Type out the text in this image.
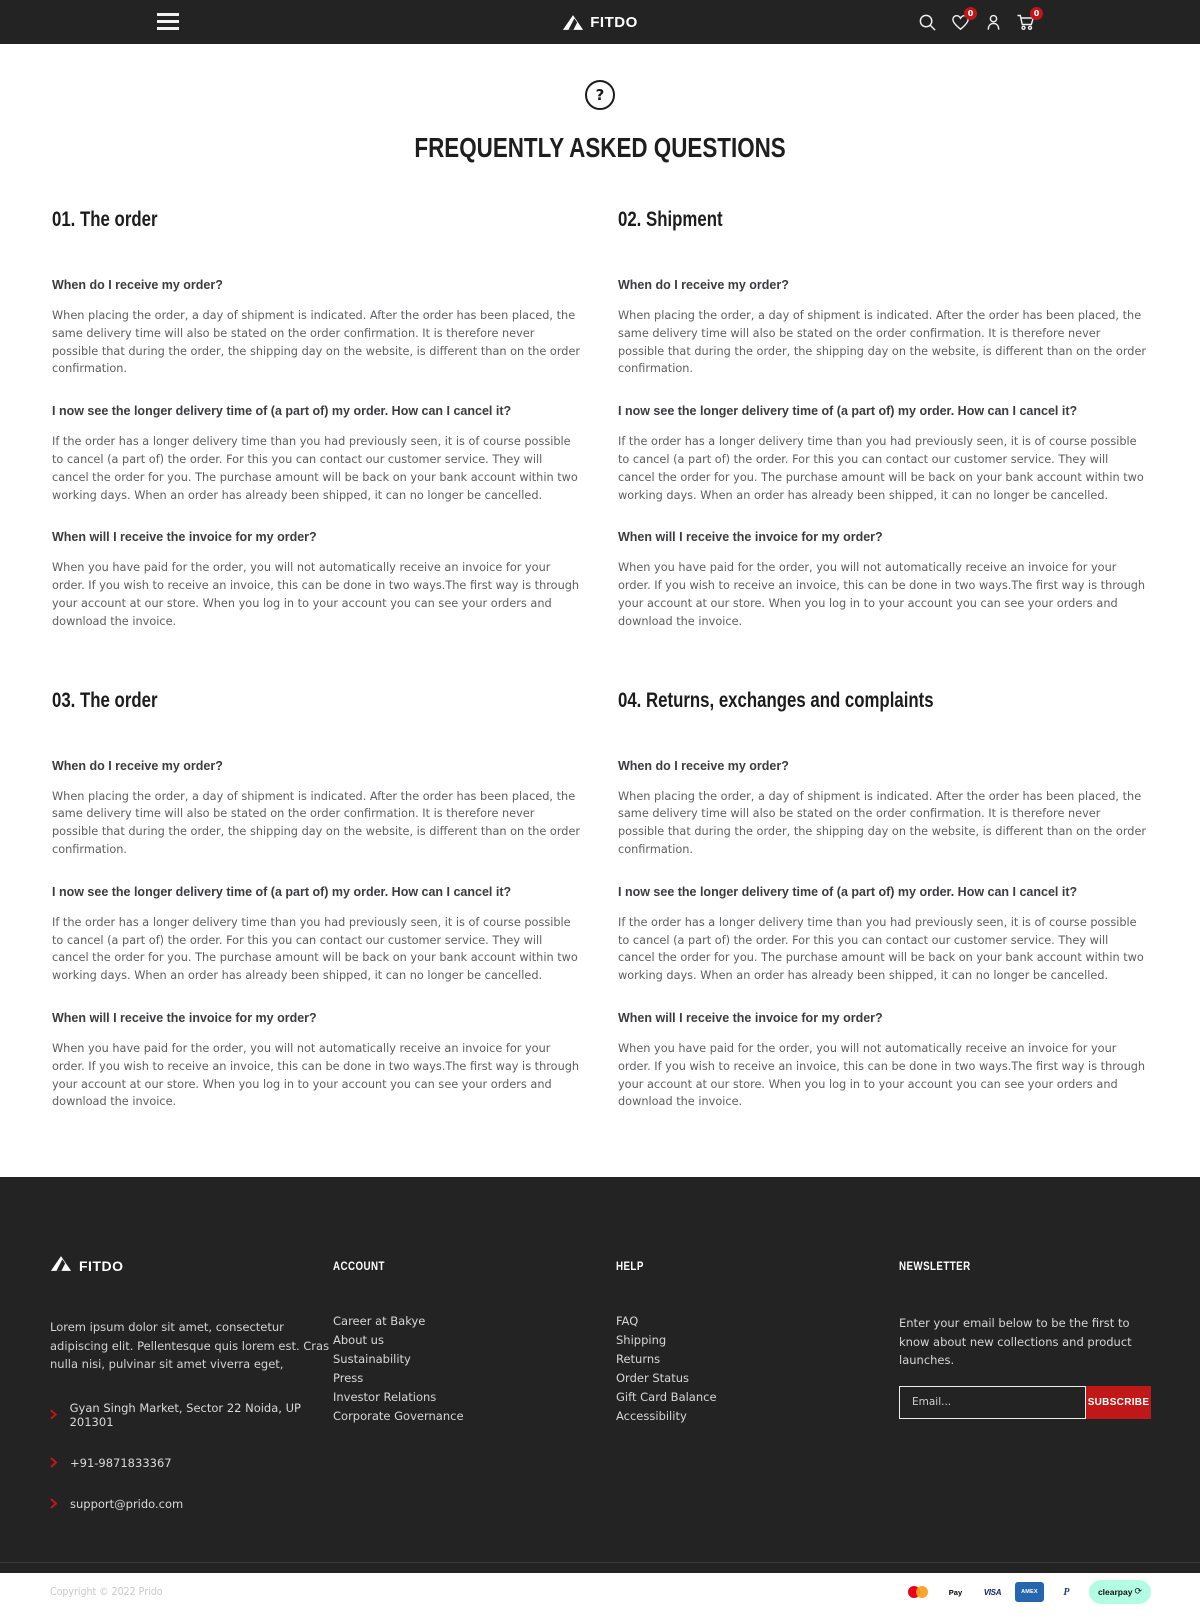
FITDO	0	0
?
FREQUENTLY ASKED QUESTIONS
01. The order

When do I receive my order?

When placing the order, a day of shipment is indicated. After the order has been placed, the same delivery time will also be stated on the order confirmation. It is therefore never possible that during the order, the shipping day on the website, is different than on the order confirmation.

I now see the longer delivery time of (a part of) my order. How can I cancel it?

If the order has a longer delivery time than you had previously seen, it is of course possible to cancel (a part of) the order. For this you can contact our customer service. They will cancel the order for you. The purchase amount will be back on your bank account within two working days. When an order has already been shipped, it can no longer be cancelled.

When will I receive the invoice for my order?

When you have paid for the order, you will not automatically receive an invoice for your order. If you wish to receive an invoice, this can be done in two ways.The first way is through your account at our store. When you log in to your account you can see your orders and download the invoice.

02. Shipment

When do I receive my order?

When placing the order, a day of shipment is indicated. After the order has been placed, the same delivery time will also be stated on the order confirmation. It is therefore never possible that during the order, the shipping day on the website, is different than on the order confirmation.

I now see the longer delivery time of (a part of) my order. How can I cancel it?

If the order has a longer delivery time than you had previously seen, it is of course possible to cancel (a part of) the order. For this you can contact our customer service. They will cancel the order for you. The purchase amount will be back on your bank account within two working days. When an order has already been shipped, it can no longer be cancelled.

When will I receive the invoice for my order?

When you have paid for the order, you will not automatically receive an invoice for your order. If you wish to receive an invoice, this can be done in two ways.The first way is through your account at our store. When you log in to your account you can see your orders and download the invoice.

03. The order

When do I receive my order?

When placing the order, a day of shipment is indicated. After the order has been placed, the same delivery time will also be stated on the order confirmation. It is therefore never possible that during the order, the shipping day on the website, is different than on the order confirmation.

I now see the longer delivery time of (a part of) my order. How can I cancel it?

If the order has a longer delivery time than you had previously seen, it is of course possible to cancel (a part of) the order. For this you can contact our customer service. They will cancel the order for you. The purchase amount will be back on your bank account within two working days. When an order has already been shipped, it can no longer be cancelled.

When will I receive the invoice for my order?

When you have paid for the order, you will not automatically receive an invoice for your order. If you wish to receive an invoice, this can be done in two ways.The first way is through your account at our store. When you log in to your account you can see your orders and download the invoice.

04. Returns, exchanges and complaints

When do I receive my order?

When placing the order, a day of shipment is indicated. After the order has been placed, the same delivery time will also be stated on the order confirmation. It is therefore never possible that during the order, the shipping day on the website, is different than on the order confirmation.

I now see the longer delivery time of (a part of) my order. How can I cancel it?

If the order has a longer delivery time than you had previously seen, it is of course possible to cancel (a part of) the order. For this you can contact our customer service. They will cancel the order for you. The purchase amount will be back on your bank account within two working days. When an order has already been shipped, it can no longer be cancelled.

When will I receive the invoice for my order?

When you have paid for the order, you will not automatically receive an invoice for your order. If you wish to receive an invoice, this can be done in two ways.The first way is through your account at our store. When you log in to your account you can see your orders and download the invoice.

FITDO

Lorem ipsum dolor sit amet, consectetur adipiscing elit. Pellentesque quis lorem est. Cras nulla nisi, pulvinar sit amet viverra eget,

Gyan Singh Market, Sector 22 Noida, UP 201301
+91-9871833367
support@prido.com
ACCOUNT
Career at Bakye
About us
Sustainability
Press
Investor Relations
Corporate Governance
HELP
FAQ
Shipping
Returns
Order Status
Gift Card Balance
Accessibility
NEWSLETTER

Enter your email below to be the first to know about new collections and product launches.

Email...
SUBSCRIBE
Copyright © 2022 Prido	Pay	VISA	AMEX	P	clearpay ⟳
